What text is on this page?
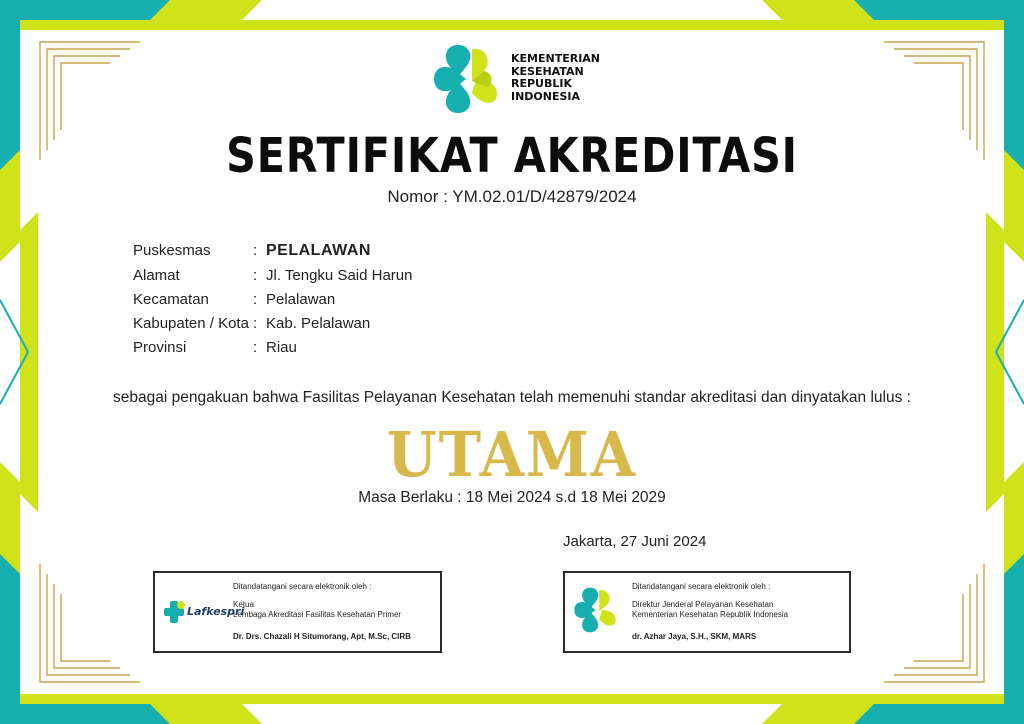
KEMENTERIAN
KESEHATAN
REPUBLIK
INDONESIA
SERTIFIKAT AKREDITASI
Nomor : YM.02.01/D/42879/2024
Puskesmas	: PELALAWAN
Alamat	: Jl. Tengku Said Harun
Kecamatan	: Pelalawan
Kabupaten / Kota : Kab. Pelalawan
Provinsi	: Riau
sebagai pengakuan bahwa Fasilitas Pelayanan Kesehatan telah memenuhi standar akreditasi dan dinyatakan lulus :
UTAMA
Masa Berlaku : 18 Mei 2024 s.d 18 Mei 2029
Jakarta, 27 Juni 2024
Lafkespri
Ditandatangani secara elektronik oleh :
Ketua
Lembaga Akreditasi Fasilitas Kesehatan Primer
Dr. Drs. Chazali H Situmorang, Apt, M.Sc, CIRB
Ditandatangani secara elektronik oleh :
Direktur Jenderal Pelayanan Kesehatan
Kementerian Kesehatan Republik Indonesia
dr. Azhar Jaya, S.H., SKM, MARS
